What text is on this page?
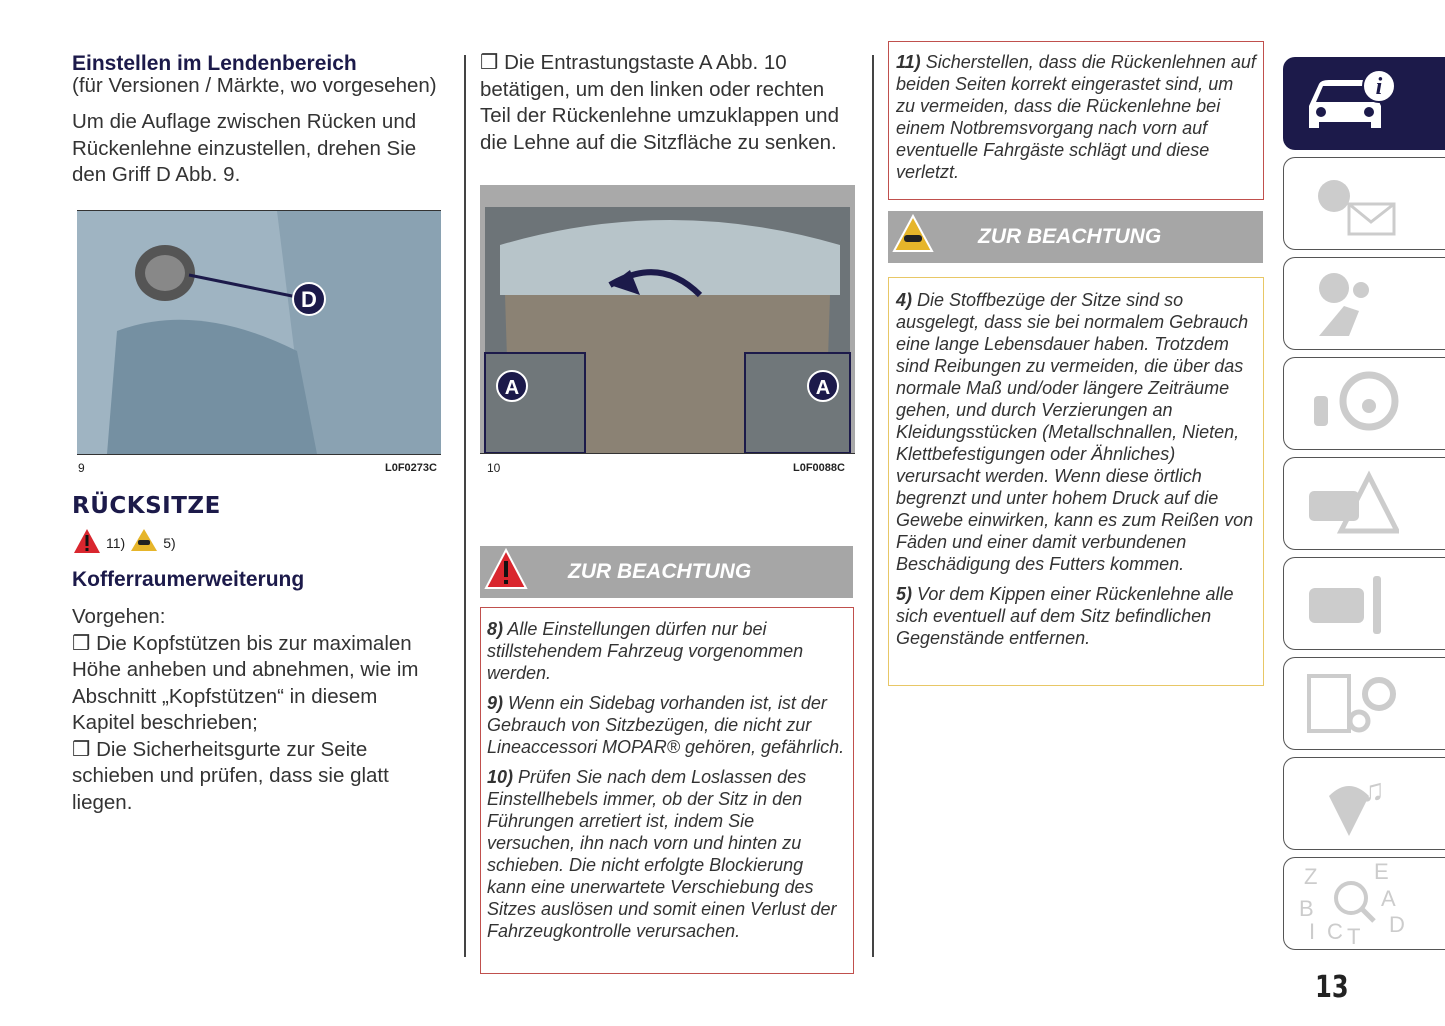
Einstellen im Lendenbereich
(für Versionen / Märkte, wo vorgesehen)
Um die Auflage zwischen Rücken und Rückenlehne einzustellen, drehen Sie den Griff D Abb. 9.
D
9	L0F0273C
RÜCKSITZE
11)	5)
Kofferraumerweiterung

Vorgehen:

❒ Die Kopfstützen bis zur maximalen Höhe anheben und abnehmen, wie im Abschnitt „Kopfstützen“ in diesem Kapitel beschrieben;

❒ Die Sicherheitsgurte zur Seite schieben und prüfen, dass sie glatt liegen.

❒ Die Entrastungstaste A Abb. 10 betätigen, um den linken oder rechten Teil der Rückenlehne umzuklappen und die Lehne auf die Sitzfläche zu senken.
A	A
10	L0F0088C
ZUR BEACHTUNG

8) Alle Einstellungen dürfen nur bei stillstehendem Fahrzeug vorgenommen werden.

9) Wenn ein Sidebag vorhanden ist, ist der Gebrauch von Sitzbezügen, die nicht zur Lineaccessori MOPAR® gehören, gefährlich.

10) Prüfen Sie nach dem Loslassen des Einstellhebels immer, ob der Sitz in den Führungen arretiert ist, indem Sie versuchen, ihn nach vorn und hinten zu schieben. Die nicht erfolgte Blockierung kann eine unerwartete Verschiebung des Sitzes auslösen und somit einen Verlust der Fahrzeugkontrolle verursachen.

11) Sicherstellen, dass die Rückenlehnen auf beiden Seiten korrekt eingerastet sind, um zu vermeiden, dass die Rückenlehne bei einem Notbremsvorgang nach vorn auf eventuelle Fahrgäste schlägt und diese verletzt.

ZUR BEACHTUNG

4) Die Stoffbezüge der Sitze sind so ausgelegt, dass sie bei normalem Gebrauch eine lange Lebensdauer haben. Trotzdem sind Reibungen zu vermeiden, die über das normale Maß und/oder längere Zeiträume gehen, und durch Verzierungen an Kleidungsstücken (Metallschnallen, Nieten, Klettbefestigungen oder Ähnliches) verursacht werden. Wenn diese örtlich begrenzt und unter hohem Druck auf die Gewebe einwirken, kann es zum Reißen von Fäden und einer damit verbundenen Beschädigung des Futters kommen.

5) Vor dem Kippen einer Rückenlehne alle sich eventuell auf dem Sitz befindlichen Gegenstände entfernen.

i
♫
Z	E
B	A
I C T D
13
